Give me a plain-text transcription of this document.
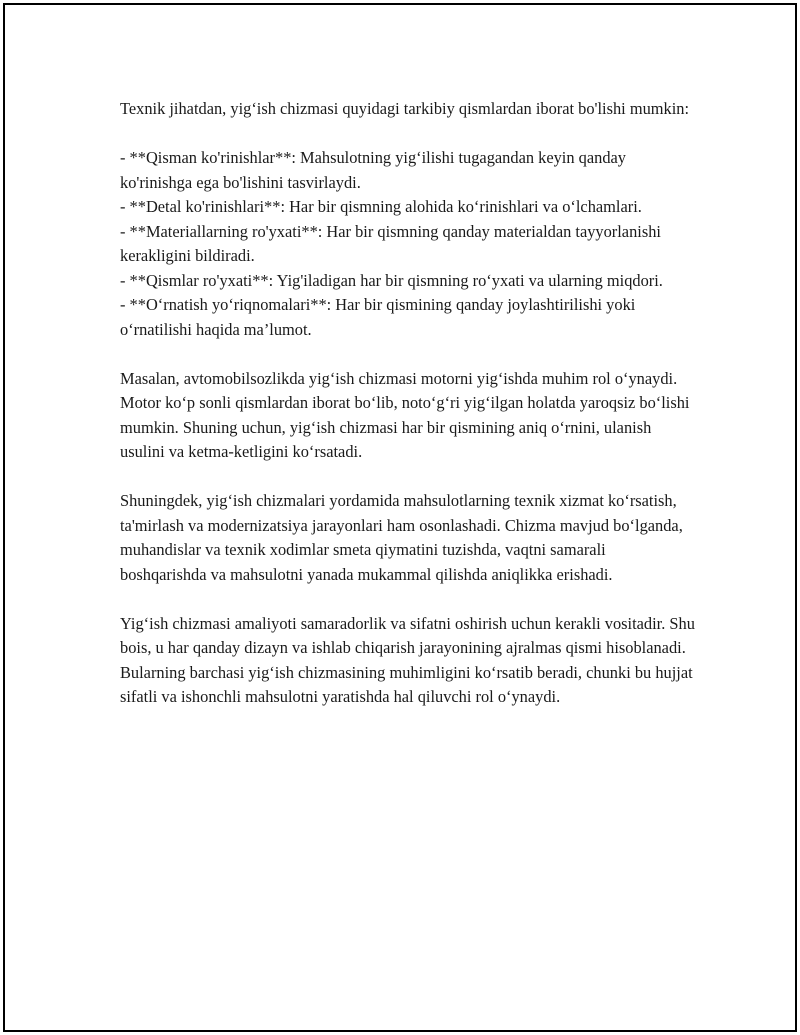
Texnik jihatdan, yig‘ish chizmasi quyidagi tarkibiy qismlardan iborat bo'lishi mumkin:

- **Qisman ko'rinishlar**: Mahsulotning yig‘ilishi tugagandan keyin qanday ko'rinishga ega bo'lishini tasvirlaydi.
- **Detal ko'rinishlari**: Har bir qismning alohida ko‘rinishlari va o‘lchamlari.
- **Materiallarning ro'yxati**: Har bir qismning qanday materialdan tayyorlanishi kerakligini bildiradi.
- **Qismlar ro'yxati**: Yig'iladigan har bir qismning ro‘yxati va ularning miqdori.
- **O‘rnatish yo‘riqnomalari**: Har bir qismining qanday joylashtirilishi yoki o‘rnatilishi haqida ma’lumot.

Masalan, avtomobilsozlikda yig‘ish chizmasi motorni yig‘ishda muhim rol o‘ynaydi. Motor ko‘p sonli qismlardan iborat bo‘lib, noto‘g‘ri yig‘ilgan holatda yaroqsiz bo‘lishi mumkin. Shuning uchun, yig‘ish chizmasi har bir qismining aniq o‘rnini, ulanish usulini va ketma-ketligini ko‘rsatadi.

Shuningdek, yig‘ish chizmalari yordamida mahsulotlarning texnik xizmat ko‘rsatish, ta'mirlash va modernizatsiya jarayonlari ham osonlashadi. Chizma mavjud bo‘lganda, muhandislar va texnik xodimlar smeta qiymatini tuzishda, vaqtni samarali boshqarishda va mahsulotni yanada mukammal qilishda aniqlikka erishadi.

Yig‘ish chizmasi amaliyoti samaradorlik va sifatni oshirish uchun kerakli vositadir. Shu bois, u har qanday dizayn va ishlab chiqarish jarayonining ajralmas qismi hisoblanadi. Bularning barchasi yig‘ish chizmasining muhimligini ko‘rsatib beradi, chunki bu hujjat sifatli va ishonchli mahsulotni yaratishda hal qiluvchi rol o‘ynaydi.
